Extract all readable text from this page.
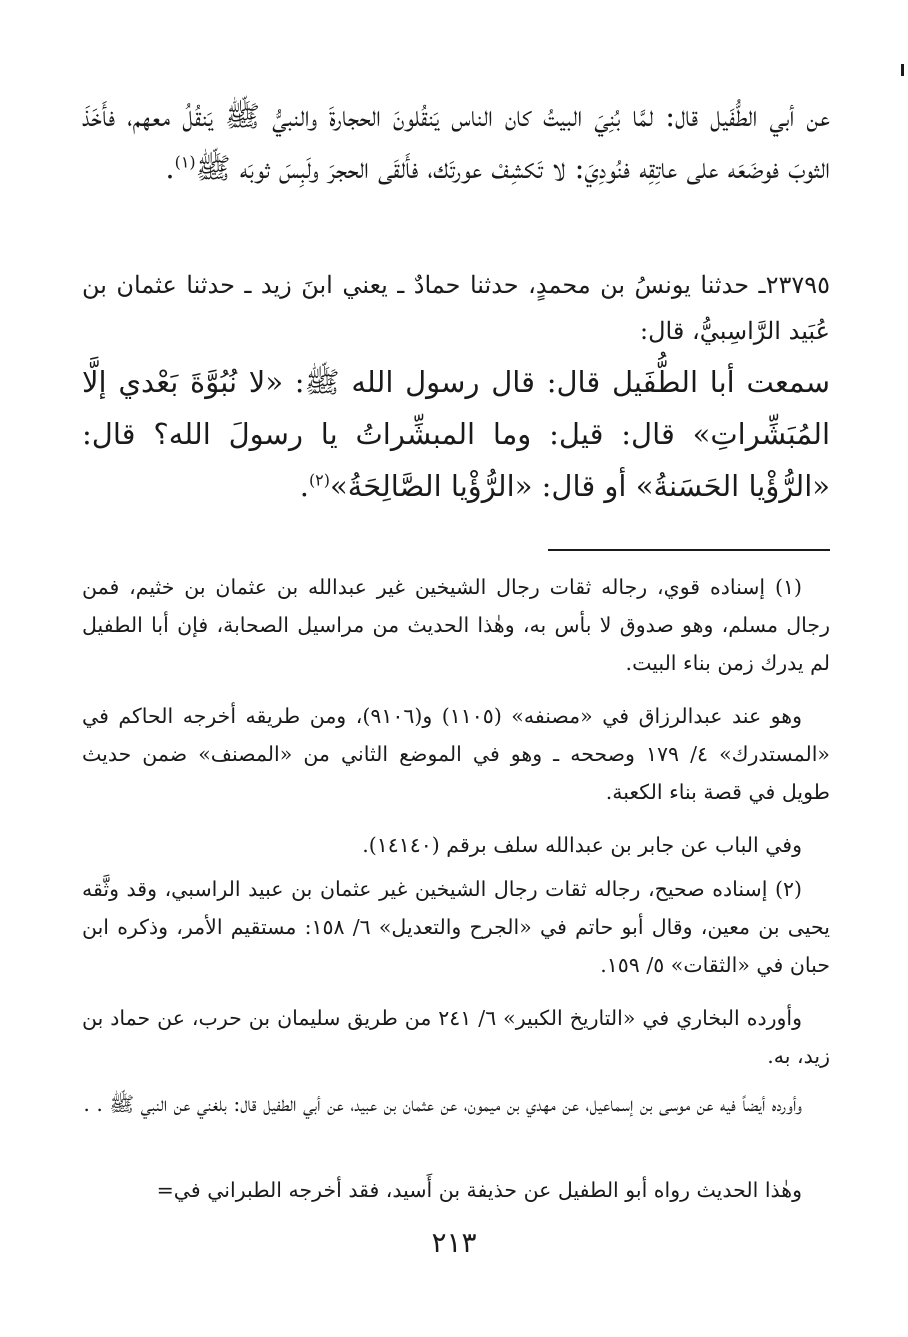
عن أبي الطُّفَيل قال: لمَّا بُنِيَ البيتُ كان الناس يَنقُلونَ الحجارةَ والنبيُّ ﷺ يَنقُلُ معهم، فأَخَذَ الثوبَ فوضَعَه على عاتِقِه فنُودِيَ: لا تَكشِفْ عورتَك، فأَلقَى الحجرَ ولَبِسَ ثوبَه ﷺ$^{(١)}$.

٢٣٧٩٥ـ حدثنا يونسُ بن محمدٍ، حدثنا حمادٌ ـ يعني ابنَ زيد ـ حدثنا عثمان بن عُبَيد الرَّاسِبيُّ، قال:

سمعت أبا الطُّفَيل قال: قال رسول الله ﷺ: «لا نُبُوَّةَ بَعْدي إلَّا المُبَشِّراتِ» قال: قيل: وما المبشِّراتُ يا رسولَ الله؟ قال: «الرُّؤْيا الحَسَنةُ» أو قال: «الرُّؤْيا الصَّالِحَةُ»$^{(٢)}$.

(١) إسناده قوي، رجاله ثقات رجال الشيخين غير عبدالله بن عثمان بن خثيم، فمن رجال مسلم، وهو صدوق لا بأس به، وهٰذا الحديث من مراسيل الصحابة، فإن أبا الطفيل لم يدرك زمن بناء البيت.

وهو عند عبدالرزاق في «مصنفه» (١١٠٥) و(٩١٠٦)، ومن طريقه أخرجه الحاكم في «المستدرك» ٤/ ١٧٩ وصححه ـ وهو في الموضع الثاني من «المصنف» ضمن حديث طويل في قصة بناء الكعبة.

وفي الباب عن جابر بن عبدالله سلف برقم (١٤١٤٠).

(٢) إسناده صحيح، رجاله ثقات رجال الشيخين غير عثمان بن عبيد الراسبي، وقد وثَّقه يحيى بن معين، وقال أبو حاتم في «الجرح والتعديل» ٦/ ١٥٨: مستقيم الأمر، وذكره ابن حبان في «الثقات» ٥/ ١٥٩.

وأورده البخاري في «التاريخ الكبير» ٦/ ٢٤١ من طريق سليمان بن حرب، عن حماد بن زيد، به.

وأورده أيضاً فيه عن موسى بن إسماعيل، عن مهدي بن ميمون، عن عثمان بن عبيد، عن أبي الطفيل قال: بلغني عن النبي ﷺ . .

وهٰذا الحديث رواه أبو الطفيل عن حذيفة بن أَسيد، فقد أخرجه الطبراني في=

٢١٣
